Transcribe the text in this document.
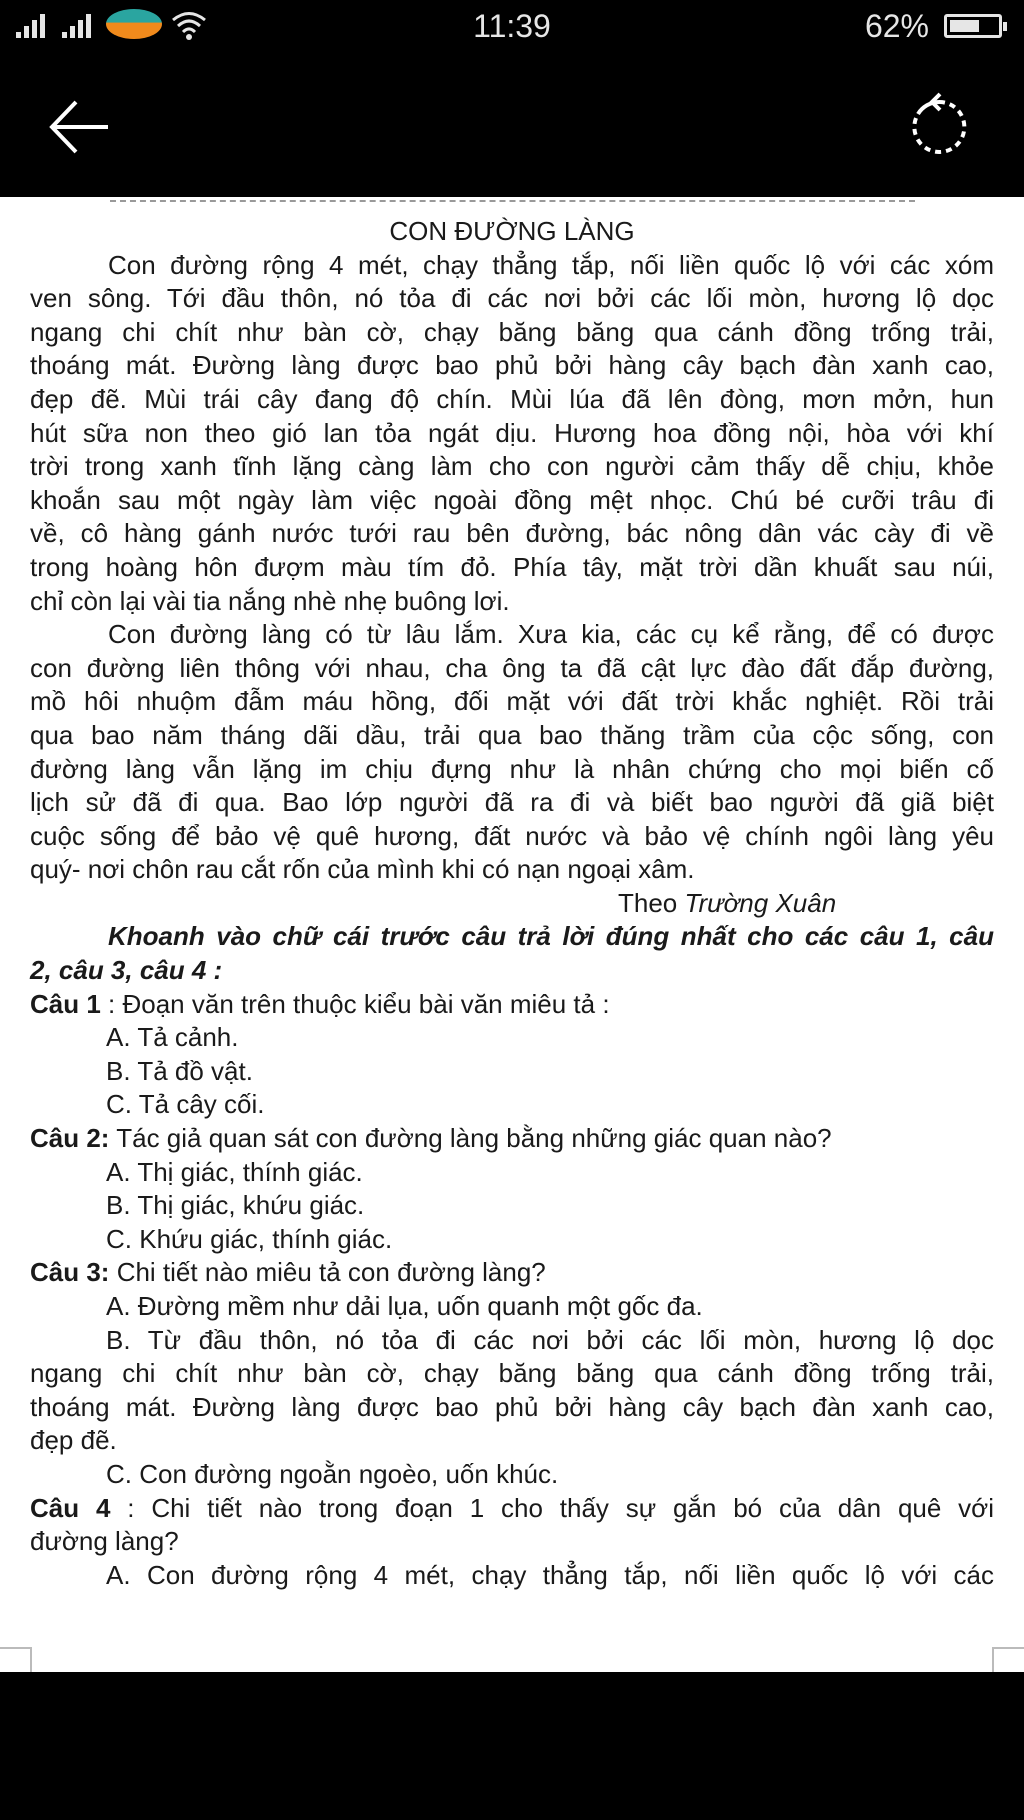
11:39	62%

CON ĐƯỜNG LÀNG

Con đường rộng 4 mét, chạy thẳng tắp, nối liền quốc lộ với các xóm

ven sông. Tới đầu thôn, nó tỏa đi các nơi bởi các lối mòn, hương lộ dọc

ngang chi chít như bàn cờ, chạy băng băng qua cánh đồng trống trải,

thoáng mát. Đường làng được bao phủ bởi hàng cây bạch đàn xanh cao,

đẹp đẽ. Mùi trái cây đang độ chín. Mùi lúa đã lên đòng, mơn mởn, hun

hút sữa non theo gió lan tỏa ngát dịu. Hương hoa đồng nội, hòa với khí

trời trong xanh tĩnh lặng càng làm cho con người cảm thấy dễ chịu, khỏe

khoắn sau một ngày làm việc ngoài đồng mệt nhọc. Chú bé cưỡi trâu đi

về, cô hàng gánh nước tưới rau bên đường, bác nông dân vác cày đi về

trong hoàng hôn đượm màu tím đỏ. Phía tây, mặt trời dần khuất sau núi,

chỉ còn lại vài tia nắng nhè nhẹ buông lơi.

Con đường làng có từ lâu lắm. Xưa kia, các cụ kể rằng, để có được

con đường liên thông với nhau, cha ông ta đã cật lực đào đất đắp đường,

mồ hôi nhuộm đẫm máu hồng, đối mặt với đất trời khắc nghiệt. Rồi trải

qua bao năm tháng dãi dầu, trải qua bao thăng trầm của cộc sống, con

đường làng vẫn lặng im chịu đựng như là nhân chứng cho mọi biến cố

lịch sử đã đi qua. Bao lớp người đã ra đi và biết bao người đã giã biệt

cuộc sống để bảo vệ quê hương, đất nước và bảo vệ chính ngôi làng yêu

quý- nơi chôn rau cắt rốn của mình khi có nạn ngoại xâm.

Theo Trường Xuân

Khoanh vào chữ cái trước câu trả lời đúng nhất cho các câu 1, câu

2, câu 3, câu 4 :

Câu 1 : Đoạn văn trên thuộc kiểu bài văn miêu tả :

A. Tả cảnh.

B. Tả đồ vật.

C. Tả cây cối.

Câu 2: Tác giả quan sát con đường làng bằng những giác quan nào?

A. Thị giác, thính giác.

B. Thị giác, khứu giác.

C. Khứu giác, thính giác.

Câu 3: Chi tiết nào miêu tả con đường làng?

A. Đường mềm như dải lụa, uốn quanh một gốc đa.

B. Từ đầu thôn, nó tỏa đi các nơi bởi các lối mòn, hương lộ dọc

ngang chi chít như bàn cờ, chạy băng băng qua cánh đồng trống trải,

thoáng mát. Đường làng được bao phủ bởi hàng cây bạch đàn xanh cao,

đẹp đẽ.

C. Con đường ngoằn ngoèo, uốn khúc.

Câu 4 : Chi tiết nào trong đoạn 1 cho thấy sự gắn bó của dân quê với

đường làng?

A. Con đường rộng 4 mét, chạy thẳng tắp, nối liền quốc lộ với các
